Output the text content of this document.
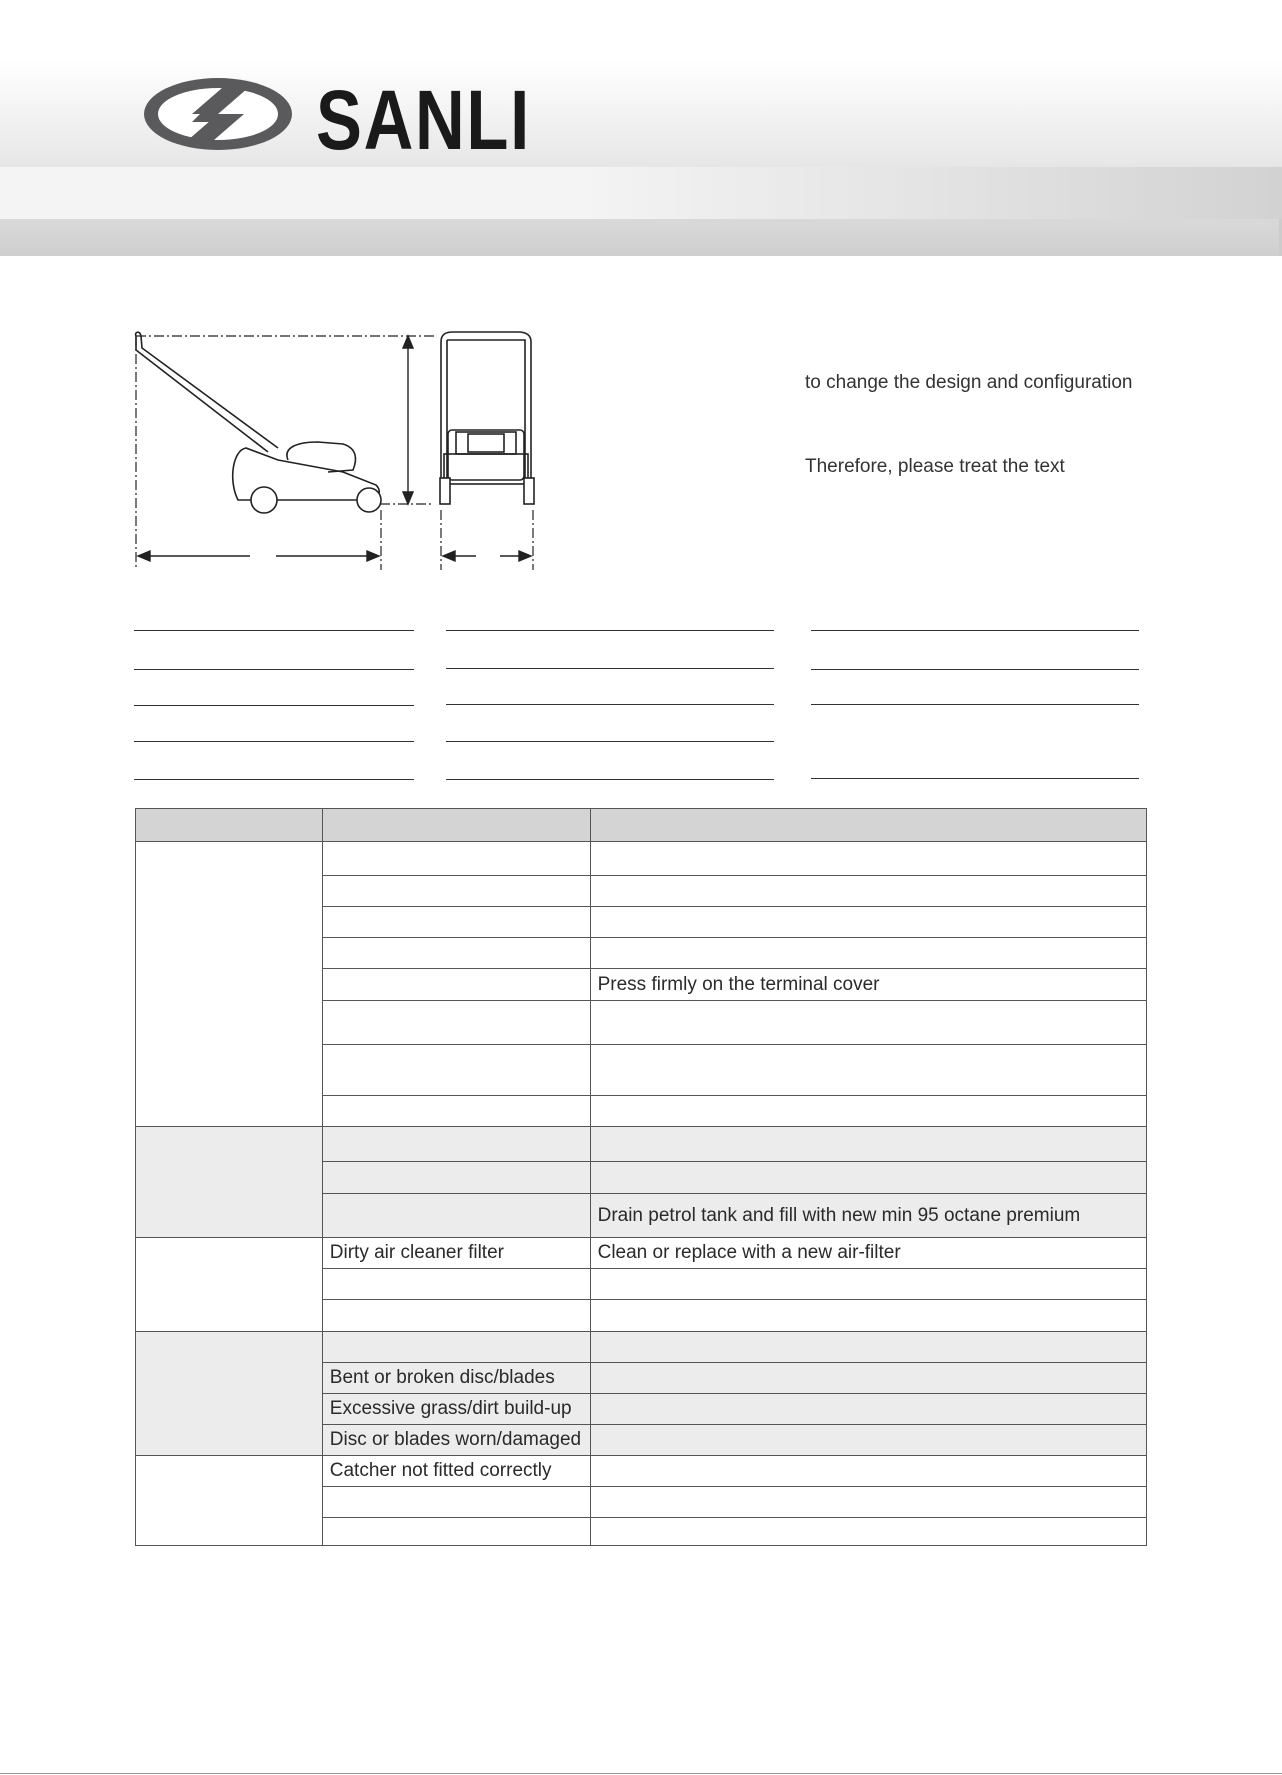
SANLI
to change the design and configuration
Therefore, please treat the text

		Press firmly on the terminal cover

		Drain petrol tank and fill with new min 95 octane premium
	Dirty air cleaner filter	Clean or replace with a new air-filter

	Bent or broken disc/blades	
	Excessive grass/dirt build-up	
	Disc or blades worn/damaged	
	Catcher not fitted correctly	
